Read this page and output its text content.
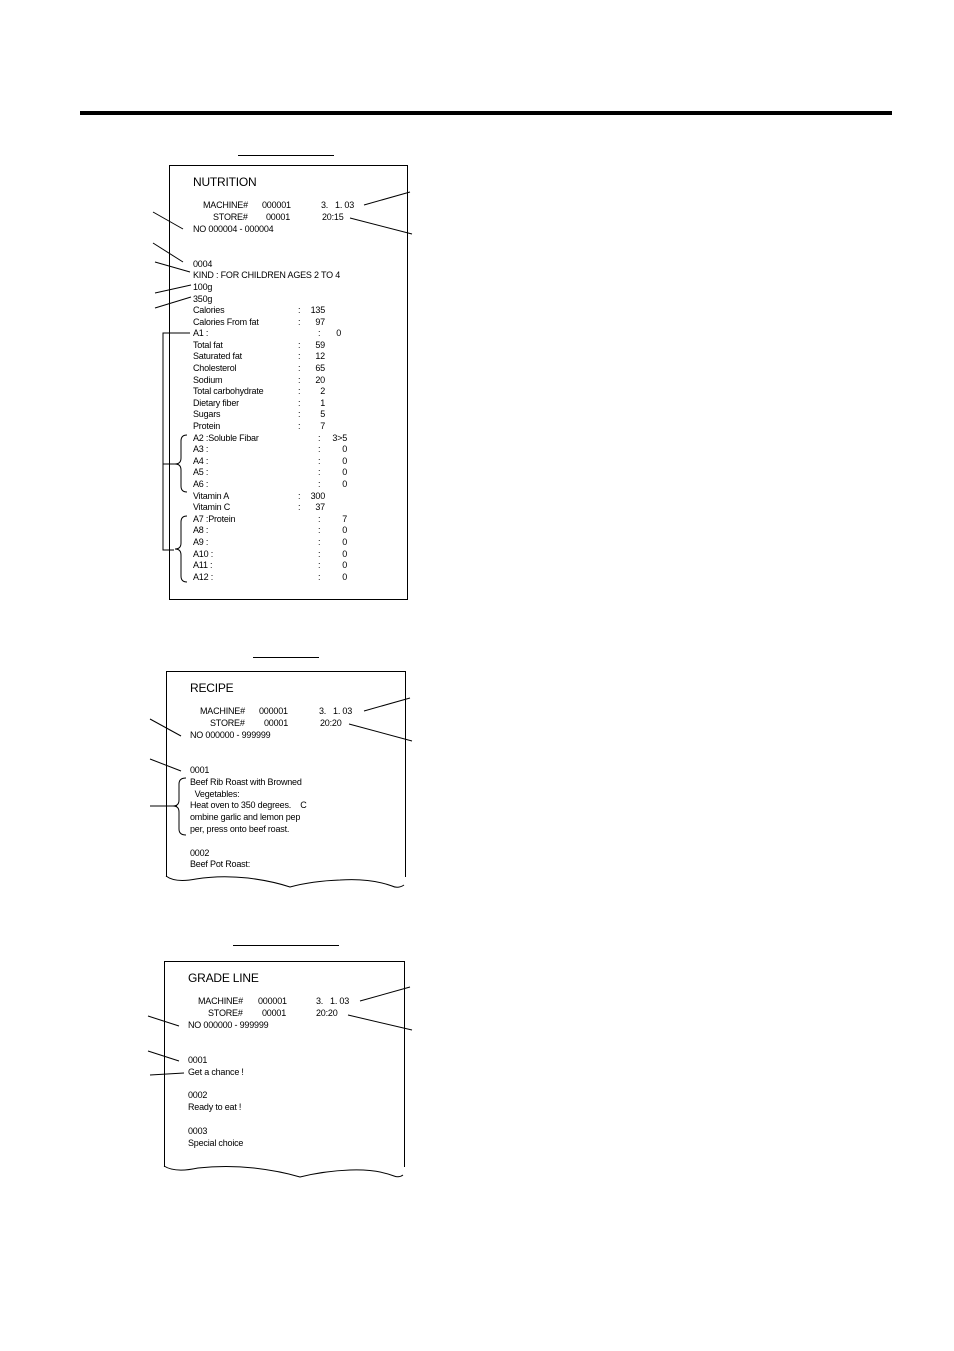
NUTRITION
MACHINE# 000001	3.   1. 03
STORE# 00001	20:15
NO 000004 - 000004
0004
KIND : FOR CHILDREN AGES 2 TO 4
100g
350g
Calories	: 135
Calories From fat	: 97
A1 :	: 0
Total fat	: 59
Saturated fat	: 12
Cholesterol	: 65
Sodium	: 20
Total carbohydrate	: 2
Dietary fiber	: 1
Sugars	: 5
Protein	: 7
A2 :Soluble Fibar	: 3>5
A3 :	: 0
A4 :	: 0
A5 :	: 0
A6 :	: 0
Vitamin A	: 300
Vitamin C	: 37
A7 :Protein	: 7
A8 :	: 0
A9 :	: 0
A10 :	: 0
A11 :	: 0
A12 :	: 0
RECIPE
MACHINE# 000001	3.   1. 03
STORE# 00001	20:20
NO 000000 - 999999
0001
Beef Rib Roast with Browned
Vegetables:
Heat oven to 350 degrees.    C
ombine garlic and lemon pep
per, press onto beef roast.
0002
Beef Pot Roast:
GRADE LINE
MACHINE# 000001	3.   1. 03
STORE# 00001	20:20
NO 000000 - 999999
0001
Get a chance !
0002
Ready to eat !
0003
Special choice
